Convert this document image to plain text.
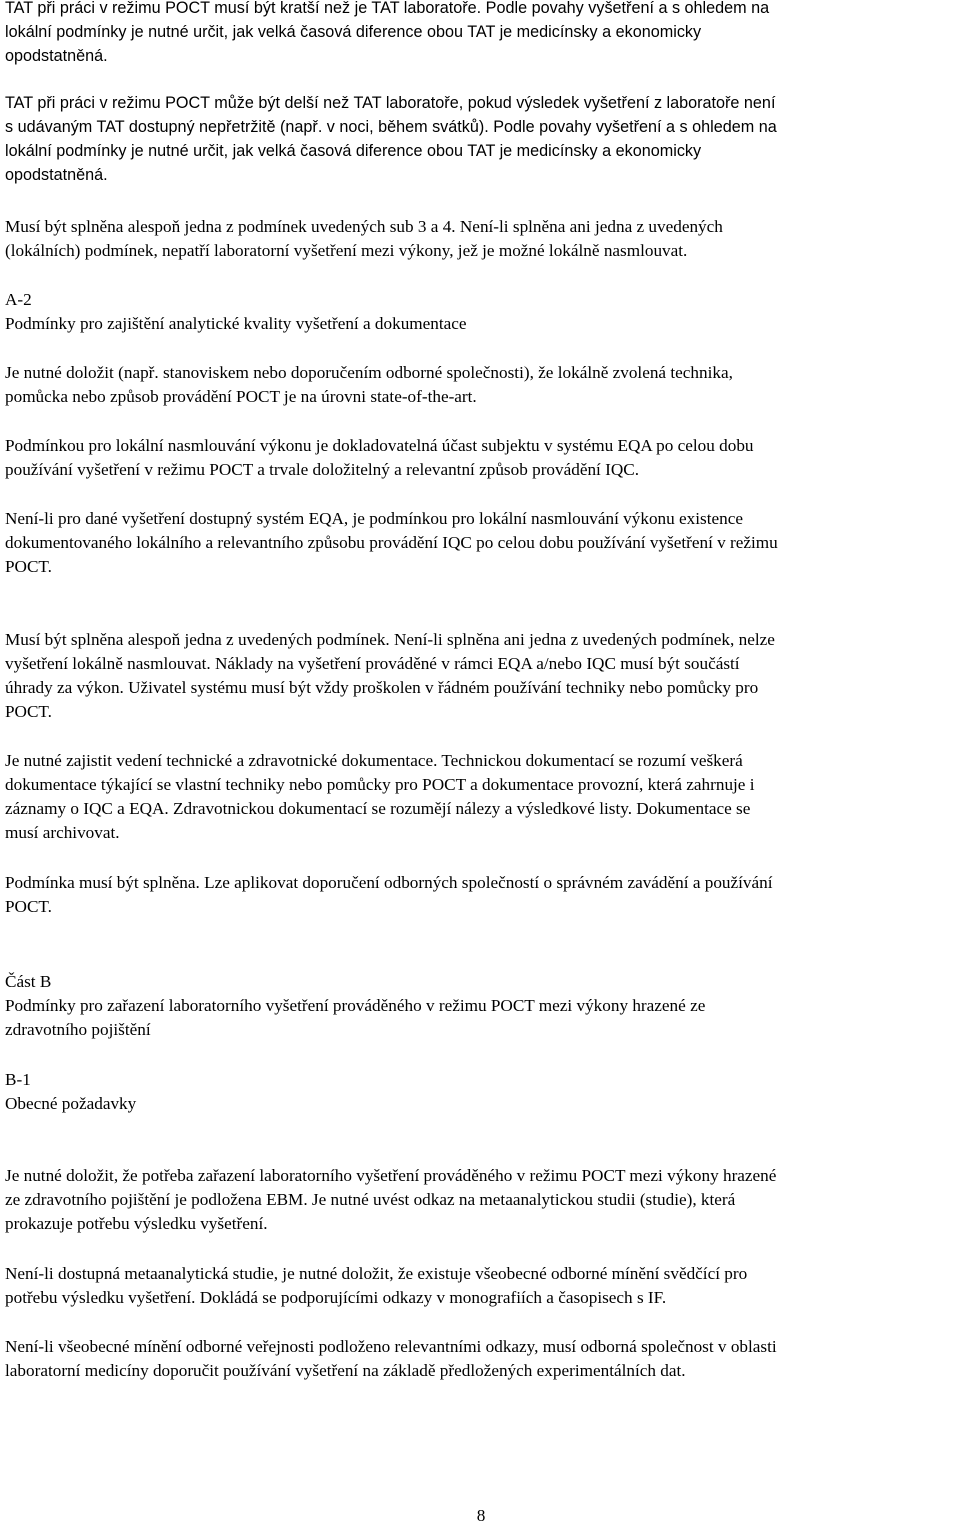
TAT při práci v režimu POCT musí být kratší než je TAT laboratoře. Podle povahy vyšetření a s ohledem na
lokální podmínky je nutné určit, jak velká časová diference obou TAT je medicínsky a ekonomicky
opodstatněná.

TAT při práci v režimu POCT může být delší než TAT laboratoře, pokud výsledek vyšetření z laboratoře není
s udávaným TAT dostupný nepřetržitě (např. v noci, během svátků). Podle povahy vyšetření a s ohledem na
lokální podmínky je nutné určit, jak velká časová diference obou TAT je medicínsky a ekonomicky
opodstatněná.

Musí být splněna alespoň jedna z podmínek uvedených sub 3 a 4. Není-li splněna ani jedna z uvedených
(lokálních) podmínek, nepatří laboratorní vyšetření mezi výkony, jež je možné lokálně nasmlouvat.

A-2
Podmínky pro zajištění analytické kvality vyšetření a dokumentace

Je nutné doložit (např. stanoviskem nebo doporučením odborné společnosti), že lokálně zvolená technika,
pomůcka nebo způsob provádění POCT je na úrovni state-of-the-art.

Podmínkou pro lokální nasmlouvání výkonu je dokladovatelná účast subjektu v systému EQA po celou dobu
používání vyšetření v režimu POCT a trvale doložitelný a relevantní způsob provádění IQC.

Není-li pro dané vyšetření dostupný systém EQA, je podmínkou pro lokální nasmlouvání výkonu existence
dokumentovaného lokálního a relevantního způsobu provádění IQC po celou dobu používání vyšetření v režimu
POCT.

Musí být splněna alespoň jedna z uvedených podmínek. Není-li splněna ani jedna z uvedených podmínek, nelze
vyšetření lokálně nasmlouvat. Náklady na vyšetření prováděné v rámci EQA a/nebo IQC musí být součástí
úhrady za výkon. Uživatel systému musí být vždy proškolen v řádném používání techniky nebo pomůcky pro
POCT.

Je nutné zajistit vedení technické a zdravotnické dokumentace. Technickou dokumentací se rozumí veškerá
dokumentace týkající se vlastní techniky nebo pomůcky pro POCT a dokumentace provozní, která zahrnuje i
záznamy o IQC a EQA. Zdravotnickou dokumentací se rozumějí nálezy a výsledkové listy. Dokumentace se
musí archivovat.

Podmínka musí být splněna. Lze aplikovat doporučení odborných společností o správném zavádění a používání
POCT.

Část B
Podmínky pro zařazení laboratorního vyšetření prováděného v režimu POCT mezi výkony hrazené ze
zdravotního pojištění

B-1
Obecné požadavky

Je nutné doložit, že potřeba zařazení laboratorního vyšetření prováděného v režimu POCT mezi výkony hrazené
ze zdravotního pojištění je podložena EBM. Je nutné uvést odkaz na metaanalytickou studii (studie), která
prokazuje potřebu výsledku vyšetření.

Není-li dostupná metaanalytická studie, je nutné doložit, že existuje všeobecné odborné mínění svědčící pro
potřebu výsledku vyšetření. Dokládá se podporujícími odkazy v monografiích a časopisech s IF.

Není-li všeobecné mínění odborné veřejnosti podloženo relevantními odkazy, musí odborná společnost v oblasti
laboratorní medicíny doporučit používání vyšetření na základě předložených experimentálních dat.

8
